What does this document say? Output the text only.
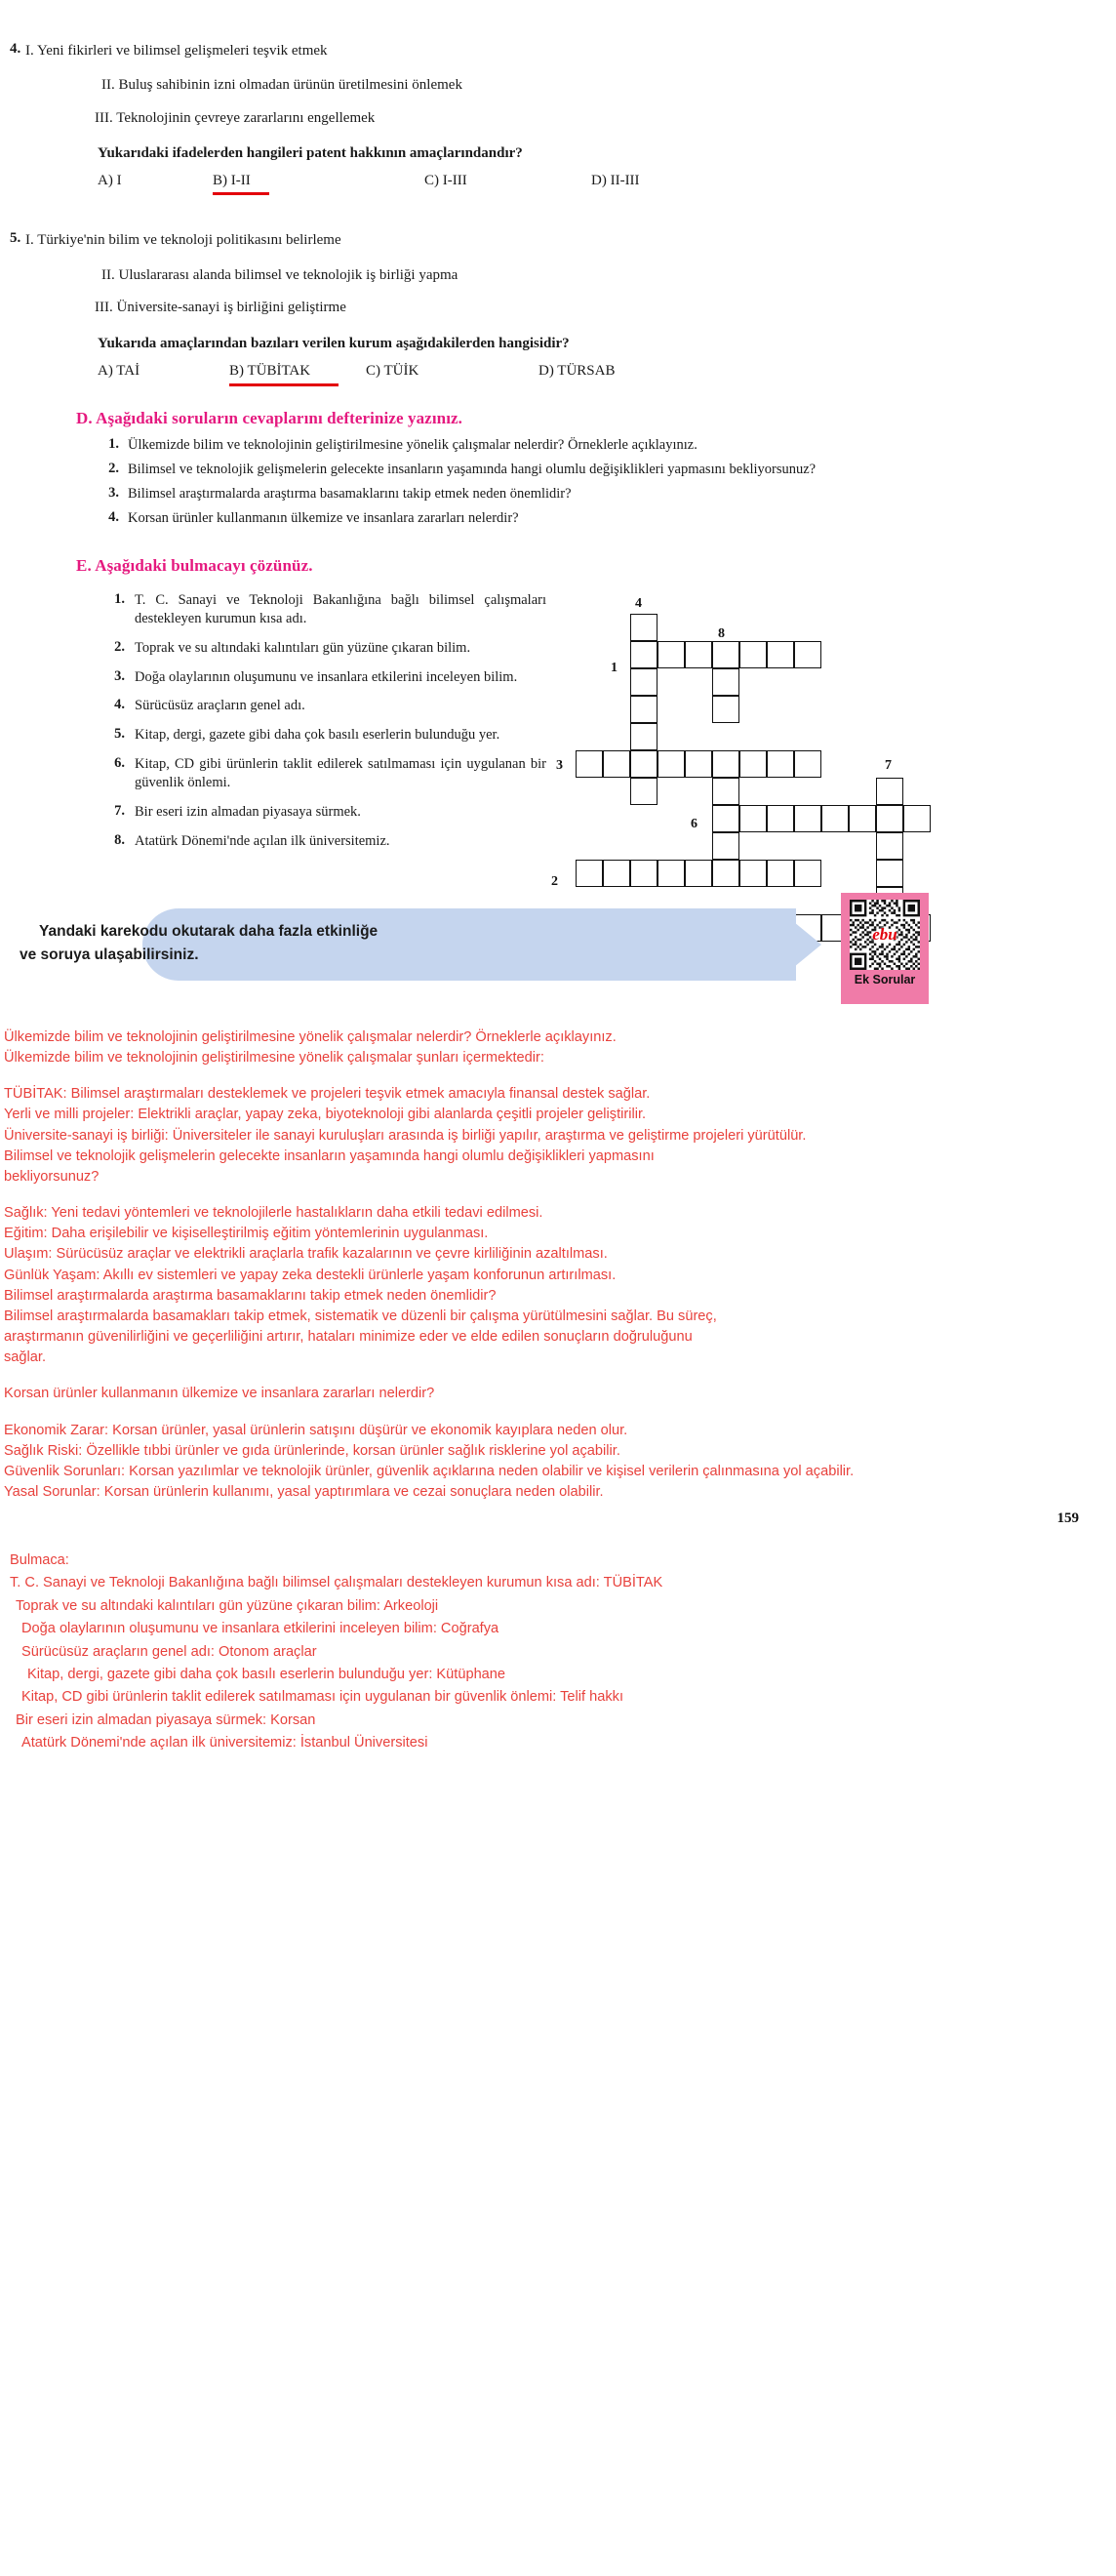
4. I. Yeni fikirleri ve bilimsel gelişmeleri teşvik etmek
II. Buluş sahibinin izni olmadan ürünün üretilmesini önlemek
III. Teknolojinin çevreye zararlarını engellemek
Yukarıdaki ifadelerden hangileri patent hakkının amaçlarındandır?
A) I	B) I-II	C) I-III	D) II-III
5. I. Türkiye'nin bilim ve teknoloji politikasını belirleme
II. Uluslararası alanda bilimsel ve teknolojik iş birliği yapma
III. Üniversite-sanayi iş birliğini geliştirme
Yukarıda amaçlarından bazıları verilen kurum aşağıdakilerden hangisidir?
A) TAİ	B) TÜBİTAK	C) TÜİK	D) TÜRSAB
D. Aşağıdaki soruların cevaplarını defterinize yazınız.
1. Ülkemizde bilim ve teknolojinin geliştirilmesine yönelik çalışmalar nelerdir? Örneklerle açıklayınız.
2. Bilimsel ve teknolojik gelişmelerin gelecekte insanların yaşamında hangi olumlu değişiklikleri yapmasını bekliyorsunuz?
3. Bilimsel araştırmalarda araştırma basamaklarını takip etmek neden önemlidir?
4. Korsan ürünler kullanmanın ülkemize ve insanlara zararları nelerdir?
E. Aşağıdaki bulmacayı çözünüz.
1. T. C. Sanayi ve Teknoloji Bakanlığına bağlı bilimsel çalışmaları destekleyen kurumun kısa adı.
2. Toprak ve su altındaki kalıntıları gün yüzüne çıkaran bilim.
3. Doğa olaylarının oluşumunu ve insanlara etkilerini inceleyen bilim.
4. Sürücüsüz araçların genel adı.
5. Kitap, dergi, gazete gibi daha çok basılı eserlerin bulunduğu yer.
6. Kitap, CD gibi ürünlerin taklit edilerek satılmaması için uygulanan bir güvenlik önlemi.
7. Bir eseri izin almadan piyasaya sürmek.
8. Atatürk Dönemi'nde açılan ilk üniversitemiz.
4
8
1
3	7
6
2
Yandaki karekodu okutarak daha fazla etkinliğe
ve soruya ulaşabilirsiniz.
ebu
Ek Sorular
159

Ülkemizde bilim ve teknolojinin geliştirilmesine yönelik çalışmalar nelerdir? Örneklerle açıklayınız.

Ülkemizde bilim ve teknolojinin geliştirilmesine yönelik çalışmalar şunları içermektedir:

TÜBİTAK: Bilimsel araştırmaları desteklemek ve projeleri teşvik etmek amacıyla finansal destek sağlar.

Yerli ve milli projeler: Elektrikli araçlar, yapay zeka, biyoteknoloji gibi alanlarda çeşitli projeler geliştirilir.

Üniversite-sanayi iş birliği: Üniversiteler ile sanayi kuruluşları arasında iş birliği yapılır, araştırma ve geliştirme projeleri yürütülür.

Bilimsel ve teknolojik gelişmelerin gelecekte insanların yaşamında hangi olumlu değişiklikleri yapmasını

bekliyorsunuz?

Sağlık: Yeni tedavi yöntemleri ve teknolojilerle hastalıkların daha etkili tedavi edilmesi.

Eğitim: Daha erişilebilir ve kişiselleştirilmiş eğitim yöntemlerinin uygulanması.

Ulaşım: Sürücüsüz araçlar ve elektrikli araçlarla trafik kazalarının ve çevre kirliliğinin azaltılması.

Günlük Yaşam: Akıllı ev sistemleri ve yapay zeka destekli ürünlerle yaşam konforunun artırılması.

Bilimsel araştırmalarda araştırma basamaklarını takip etmek neden önemlidir?

Bilimsel araştırmalarda basamakları takip etmek, sistematik ve düzenli bir çalışma yürütülmesini sağlar. Bu süreç,

araştırmanın güvenilirliğini ve geçerliliğini artırır, hataları minimize eder ve elde edilen sonuçların doğruluğunu

sağlar.

Korsan ürünler kullanmanın ülkemize ve insanlara zararları nelerdir?

Ekonomik Zarar: Korsan ürünler, yasal ürünlerin satışını düşürür ve ekonomik kayıplara neden olur.

Sağlık Riski: Özellikle tıbbi ürünler ve gıda ürünlerinde, korsan ürünler sağlık risklerine yol açabilir.

Güvenlik Sorunları: Korsan yazılımlar ve teknolojik ürünler, güvenlik açıklarına neden olabilir ve kişisel verilerin çalınmasına yol açabilir.

Yasal Sorunlar: Korsan ürünlerin kullanımı, yasal yaptırımlara ve cezai sonuçlara neden olabilir.

Bulmaca:

T. C. Sanayi ve Teknoloji Bakanlığına bağlı bilimsel çalışmaları destekleyen kurumun kısa adı: TÜBİTAK

Toprak ve su altındaki kalıntıları gün yüzüne çıkaran bilim: Arkeoloji

Doğa olaylarının oluşumunu ve insanlara etkilerini inceleyen bilim: Coğrafya

Sürücüsüz araçların genel adı: Otonom araçlar

Kitap, dergi, gazete gibi daha çok basılı eserlerin bulunduğu yer: Kütüphane

Kitap, CD gibi ürünlerin taklit edilerek satılmaması için uygulanan bir güvenlik önlemi: Telif hakkı

Bir eseri izin almadan piyasaya sürmek: Korsan

Atatürk Dönemi'nde açılan ilk üniversitemiz: İstanbul Üniversitesi
